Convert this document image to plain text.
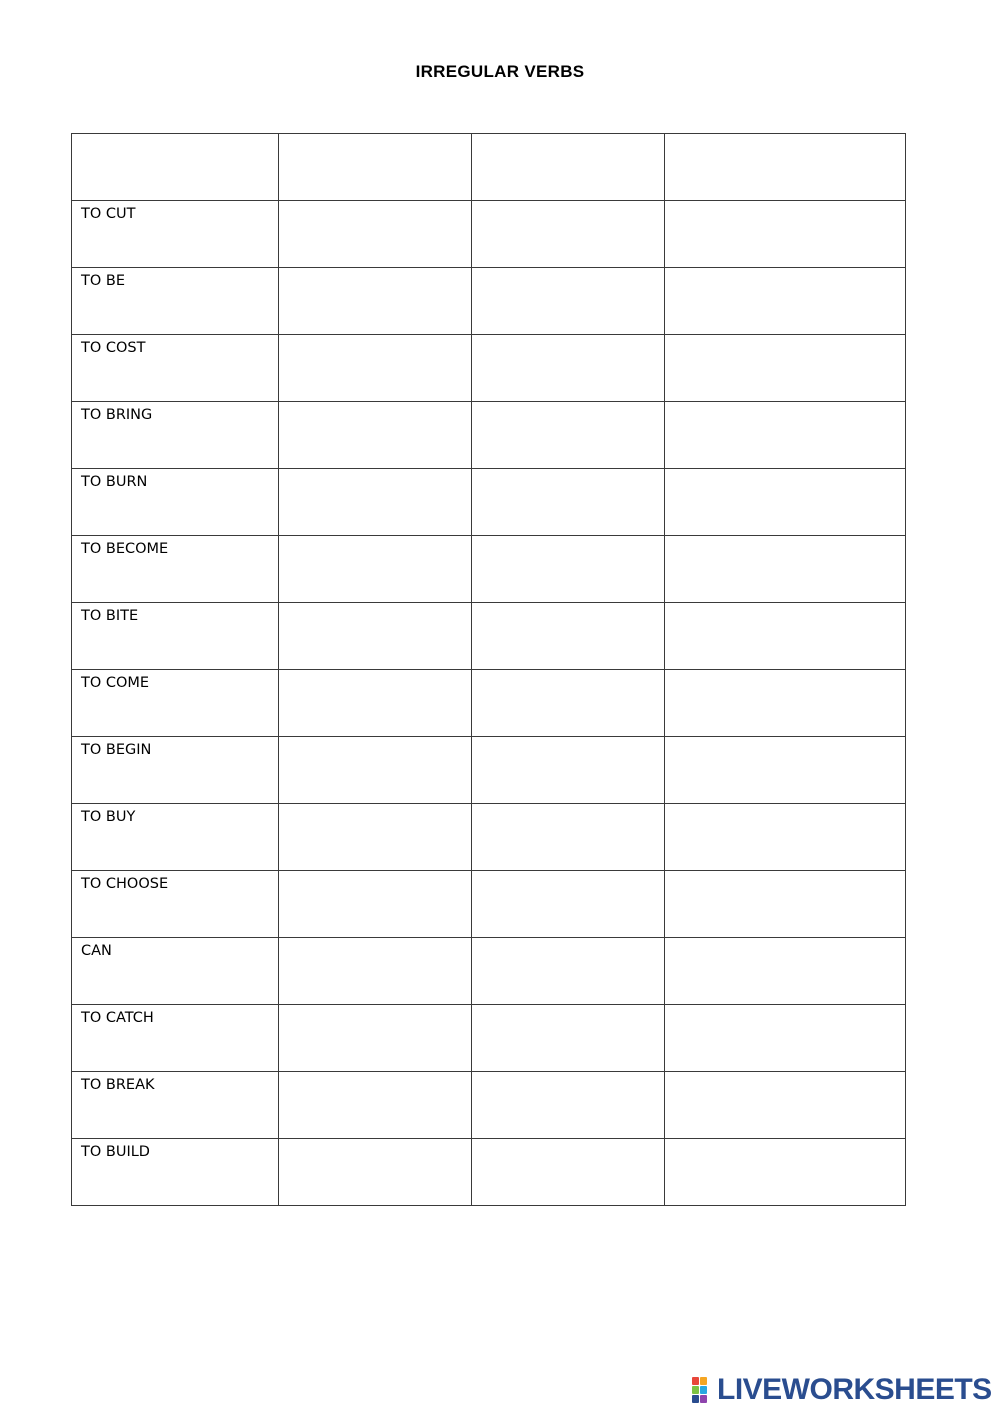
IRREGULAR VERBS

TO CUT			

TO BE			

TO COST			

TO BRING			

TO BURN			

TO BECOME			

TO BITE			

TO COME			

TO BEGIN			

TO BUY			

TO CHOOSE			

CAN			

TO CATCH			

TO BREAK			

TO BUILD			

LIVEWORKSHEETS
